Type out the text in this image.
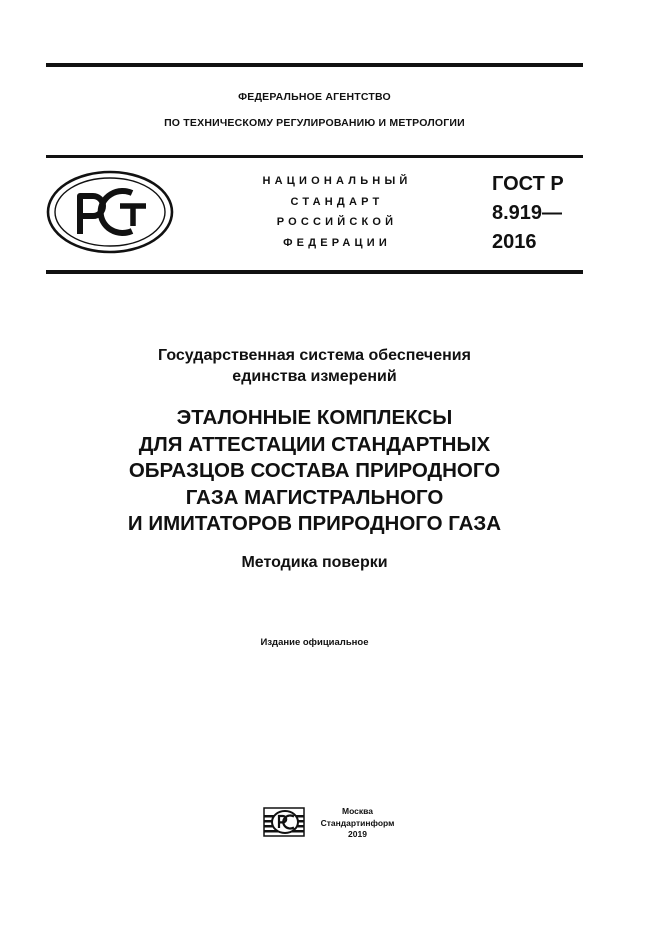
ФЕДЕРАЛЬНОЕ АГЕНТСТВО
ПО ТЕХНИЧЕСКОМУ РЕГУЛИРОВАНИЮ И МЕТРОЛОГИИ
НАЦИОНАЛЬНЫЙ
СТАНДАРТ
РОССИЙСКОЙ
ФЕДЕРАЦИИ
ГОСТ Р
8.919—
2016
Государственная система обеспечения
единства измерений
ЭТАЛОННЫЕ КОМПЛЕКСЫ
ДЛЯ АТТЕСТАЦИИ СТАНДАРТНЫХ
ОБРАЗЦОВ СОСТАВА ПРИРОДНОГО
ГАЗА МАГИСТРАЛЬНОГО
И ИМИТАТОРОВ ПРИРОДНОГО ГАЗА
Методика поверки
Издание официальное
Москва
Стандартинформ
2019
